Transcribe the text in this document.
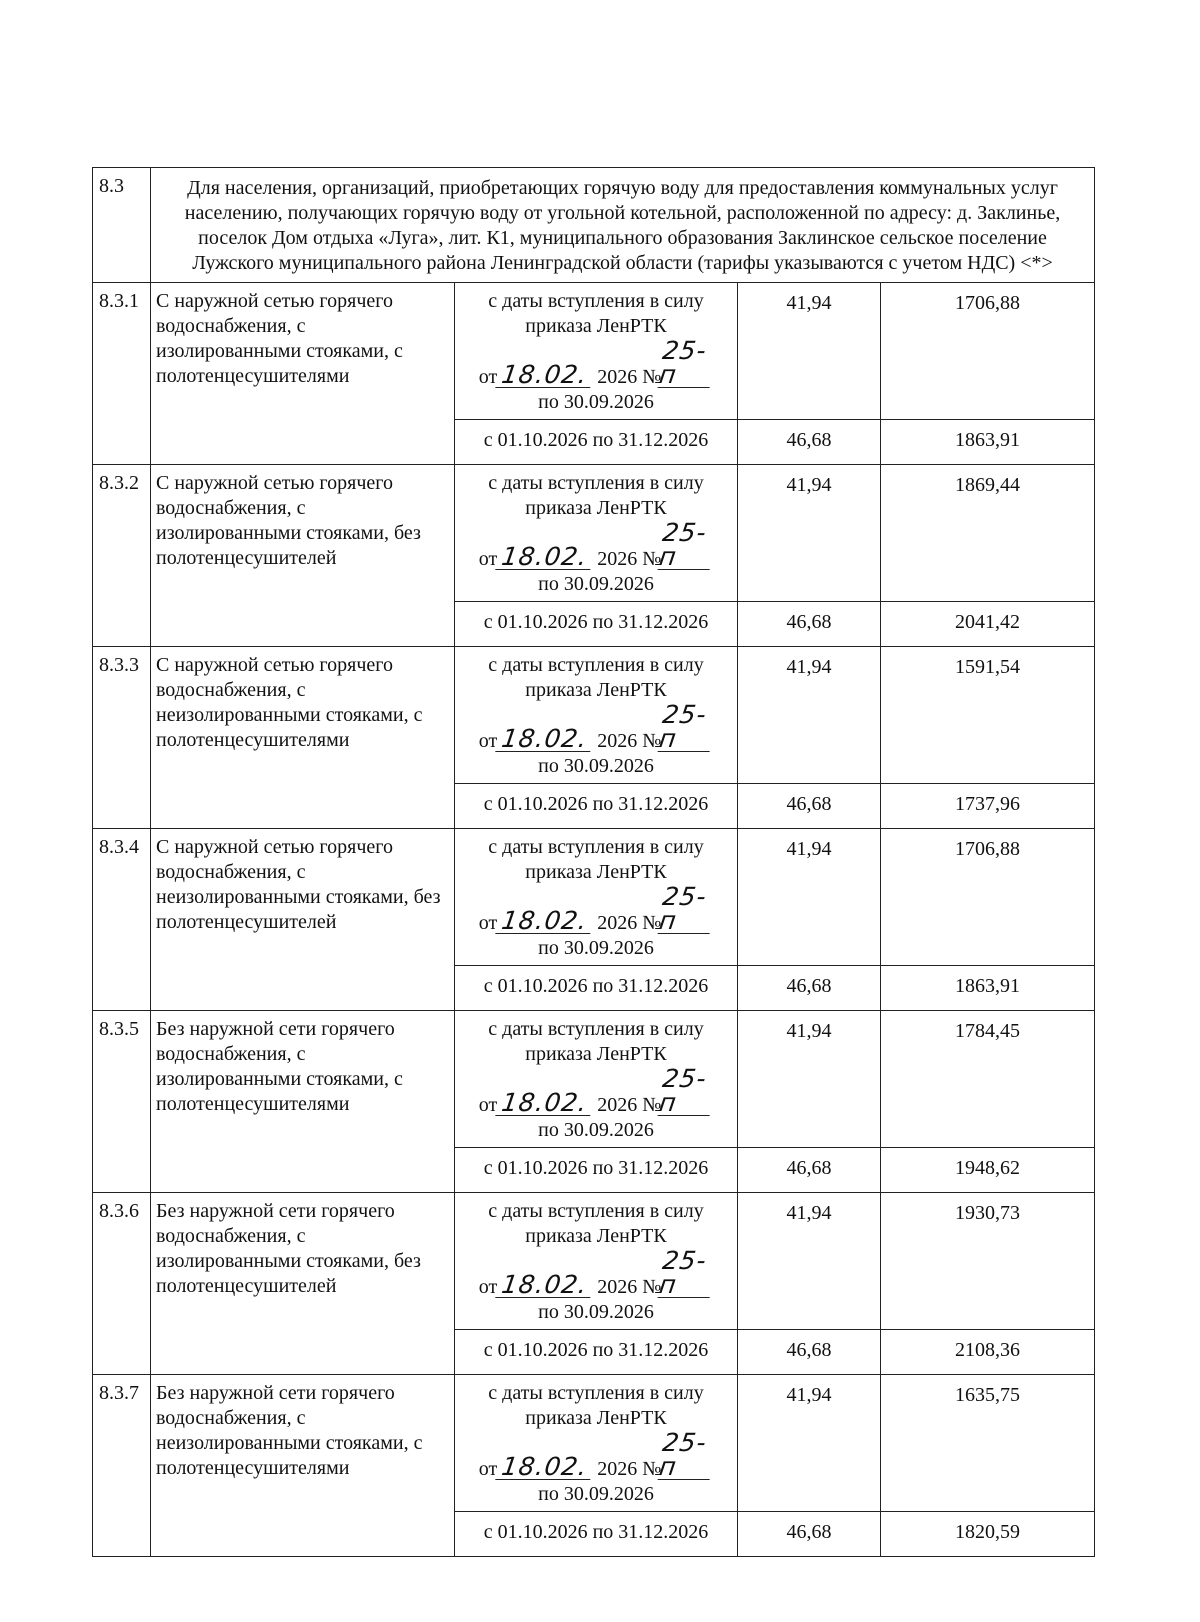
8.3	Для населения, организаций, приобретающих горячую воду для предоставления коммунальных услуг населению, получающих горячую воду от угольной котельной, расположенной по адресу: д. Заклинье, поселок Дом отдыха «Луга», лит. К1, муниципального образования Заклинское сельское поселение Лужского муниципального района Ленинградской области (тарифы указываются с учетом НДС) <*>			
8.3.1	С наружной сетью горячего водоснабжения, с изолированными стояками, с полотенцесушителями	с даты вступления в силу
приказа ЛенРТК
от 18.02. 2026 №25-п
по 30.09.2026	41,94	1706,88
		с 01.10.2026 по 31.12.2026	46,68	1863,91
8.3.2	С наружной сетью горячего водоснабжения, с изолированными стояками, без полотенцесушителей	с даты вступления в силу
приказа ЛенРТК
от 18.02. 2026 №25-п
по 30.09.2026	41,94	1869,44
		с 01.10.2026 по 31.12.2026	46,68	2041,42
8.3.3	С наружной сетью горячего водоснабжения, с неизолированными стояками, с полотенцесушителями	с даты вступления в силу
приказа ЛенРТК
от 18.02. 2026 №25-п
по 30.09.2026	41,94	1591,54
		с 01.10.2026 по 31.12.2026	46,68	1737,96
8.3.4	С наружной сетью горячего водоснабжения, с неизолированными стояками, без полотенцесушителей	с даты вступления в силу
приказа ЛенРТК
от 18.02. 2026 №25-п
по 30.09.2026	41,94	1706,88
		с 01.10.2026 по 31.12.2026	46,68	1863,91
8.3.5	Без наружной сети горячего водоснабжения, с изолированными стояками, с полотенцесушителями	с даты вступления в силу
приказа ЛенРТК
от 18.02. 2026 №25-п
по 30.09.2026	41,94	1784,45
		с 01.10.2026 по 31.12.2026	46,68	1948,62
8.3.6	Без наружной сети горячего водоснабжения, с изолированными стояками, без полотенцесушителей	с даты вступления в силу
приказа ЛенРТК
от 18.02. 2026 №25-п
по 30.09.2026	41,94	1930,73
		с 01.10.2026 по 31.12.2026	46,68	2108,36
8.3.7	Без наружной сети горячего водоснабжения, с неизолированными стояками, с полотенцесушителями	с даты вступления в силу
приказа ЛенРТК
от 18.02. 2026 №25-п
по 30.09.2026	41,94	1635,75
		с 01.10.2026 по 31.12.2026	46,68	1820,59
